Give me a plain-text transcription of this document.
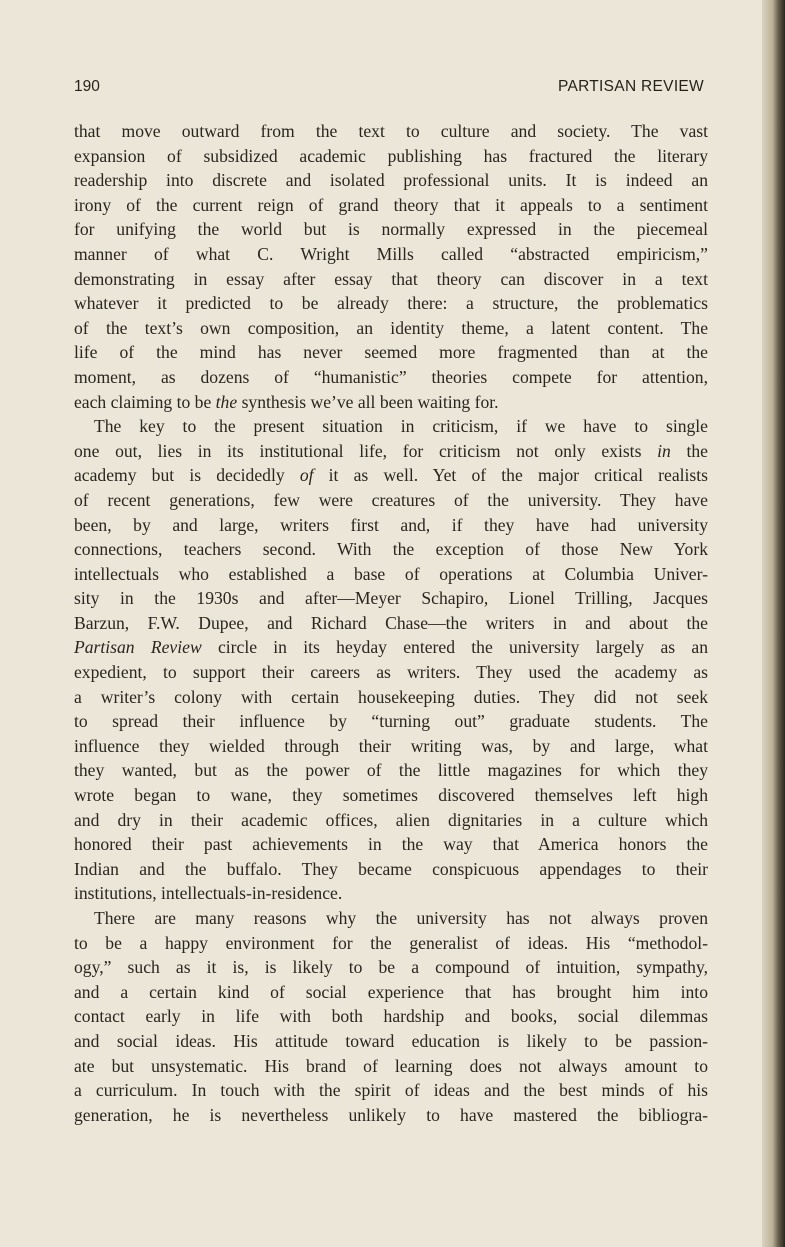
190	PARTISAN REVIEW
that move outward from the text to culture and society. The vast
expansion of subsidized academic publishing has fractured the literary
readership into discrete and isolated professional units. It is indeed an
irony of the current reign of grand theory that it appeals to a sentiment
for unifying the world but is normally expressed in the piecemeal
manner of what C. Wright Mills called “abstracted empiricism,”
demonstrating in essay after essay that theory can discover in a text
whatever it predicted to be already there: a structure, the problematics
of the text’s own composition, an identity theme, a latent content. The
life of the mind has never seemed more fragmented than at the
moment, as dozens of “humanistic” theories compete for attention,
each claiming to be the synthesis we’ve all been waiting for.
The key to the present situation in criticism, if we have to single
one out, lies in its institutional life, for criticism not only exists in the
academy but is decidedly of it as well. Yet of the major critical realists
of recent generations, few were creatures of the university. They have
been, by and large, writers first and, if they have had university
connections, teachers second. With the exception of those New York
intellectuals who established a base of operations at Columbia Univer-
sity in the 1930s and after—Meyer Schapiro, Lionel Trilling, Jacques
Barzun, F.W. Dupee, and Richard Chase—the writers in and about the
Partisan Review circle in its heyday entered the university largely as an
expedient, to support their careers as writers. They used the academy as
a writer’s colony with certain housekeeping duties. They did not seek
to spread their influence by “turning out” graduate students. The
influence they wielded through their writing was, by and large, what
they wanted, but as the power of the little magazines for which they
wrote began to wane, they sometimes discovered themselves left high
and dry in their academic offices, alien dignitaries in a culture which
honored their past achievements in the way that America honors the
Indian and the buffalo. They became conspicuous appendages to their
institutions, intellectuals-in-residence.
There are many reasons why the university has not always proven
to be a happy environment for the generalist of ideas. His “methodol-
ogy,” such as it is, is likely to be a compound of intuition, sympathy,
and a certain kind of social experience that has brought him into
contact early in life with both hardship and books, social dilemmas
and social ideas. His attitude toward education is likely to be passion-
ate but unsystematic. His brand of learning does not always amount to
a curriculum. In touch with the spirit of ideas and the best minds of his
generation, he is nevertheless unlikely to have mastered the bibliogra-
